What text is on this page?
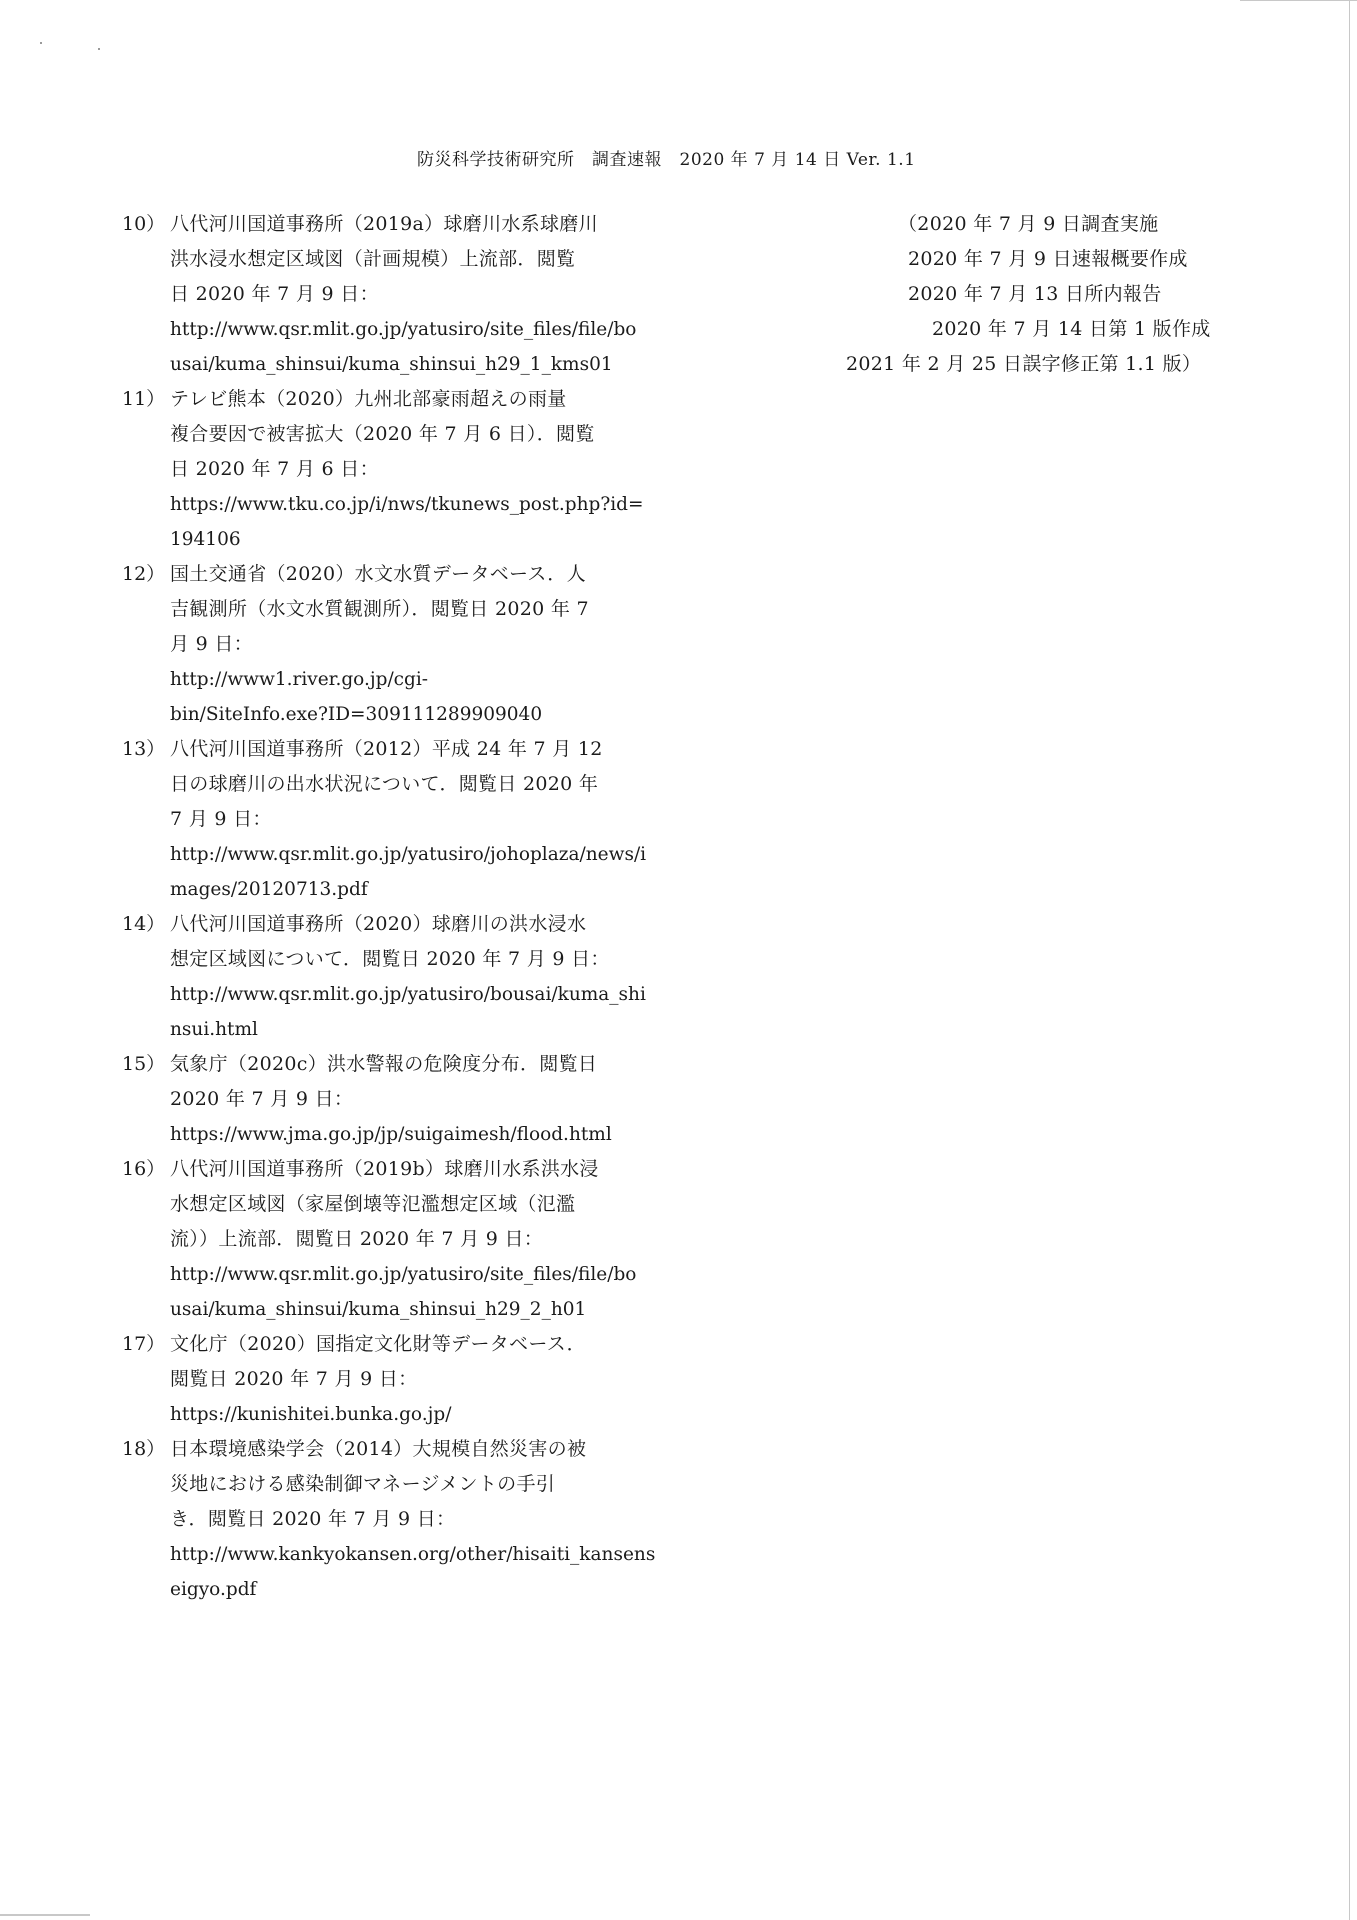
防災科学技術研究所　調査速報　2020 年 7 月 14 日 Ver. 1.1
10） 八代河川国道事務所（2019a）球磨川水系球磨川
洪水浸水想定区域図（計画規模）上流部．閲覧
日 2020 年 7 月 9 日：
http://www.qsr.mlit.go.jp/yatusiro/site_files/file/bo
usai/kuma_shinsui/kuma_shinsui_h29_1_kms01
11） テレビ熊本（2020）九州北部豪雨超えの雨量
複合要因で被害拡大（2020 年 7 月 6 日）．閲覧
日 2020 年 7 月 6 日：
https://www.tku.co.jp/i/nws/tkunews_post.php?id=
194106
12） 国土交通省（2020）水文水質データベース．人
吉観測所（水文水質観測所）．閲覧日 2020 年 7
月 9 日：
http://www1.river.go.jp/cgi-
bin/SiteInfo.exe?ID=309111289909040
13） 八代河川国道事務所（2012）平成 24 年 7 月 12
日の球磨川の出水状況について．閲覧日 2020 年
7 月 9 日：
http://www.qsr.mlit.go.jp/yatusiro/johoplaza/news/i
mages/20120713.pdf
14） 八代河川国道事務所（2020）球磨川の洪水浸水
想定区域図について．閲覧日 2020 年 7 月 9 日：
http://www.qsr.mlit.go.jp/yatusiro/bousai/kuma_shi
nsui.html
15） 気象庁（2020c）洪水警報の危険度分布．閲覧日
2020 年 7 月 9 日：
https://www.jma.go.jp/jp/suigaimesh/flood.html
16） 八代河川国道事務所（2019b）球磨川水系洪水浸
水想定区域図（家屋倒壊等氾濫想定区域（氾濫
流））上流部．閲覧日 2020 年 7 月 9 日：
http://www.qsr.mlit.go.jp/yatusiro/site_files/file/bo
usai/kuma_shinsui/kuma_shinsui_h29_2_h01
17） 文化庁（2020）国指定文化財等データベース．
閲覧日 2020 年 7 月 9 日：
https://kunishitei.bunka.go.jp/
18） 日本環境感染学会（2014）大規模自然災害の被
災地における感染制御マネージメントの手引
き．閲覧日 2020 年 7 月 9 日：
http://www.kankyokansen.org/other/hisaiti_kansens
eigyo.pdf
（2020 年 7 月 9 日調査実施
2020 年 7 月 9 日速報概要作成
2020 年 7 月 13 日所内報告
2020 年 7 月 14 日第 1 版作成
2021 年 2 月 25 日誤字修正第 1.1 版）
